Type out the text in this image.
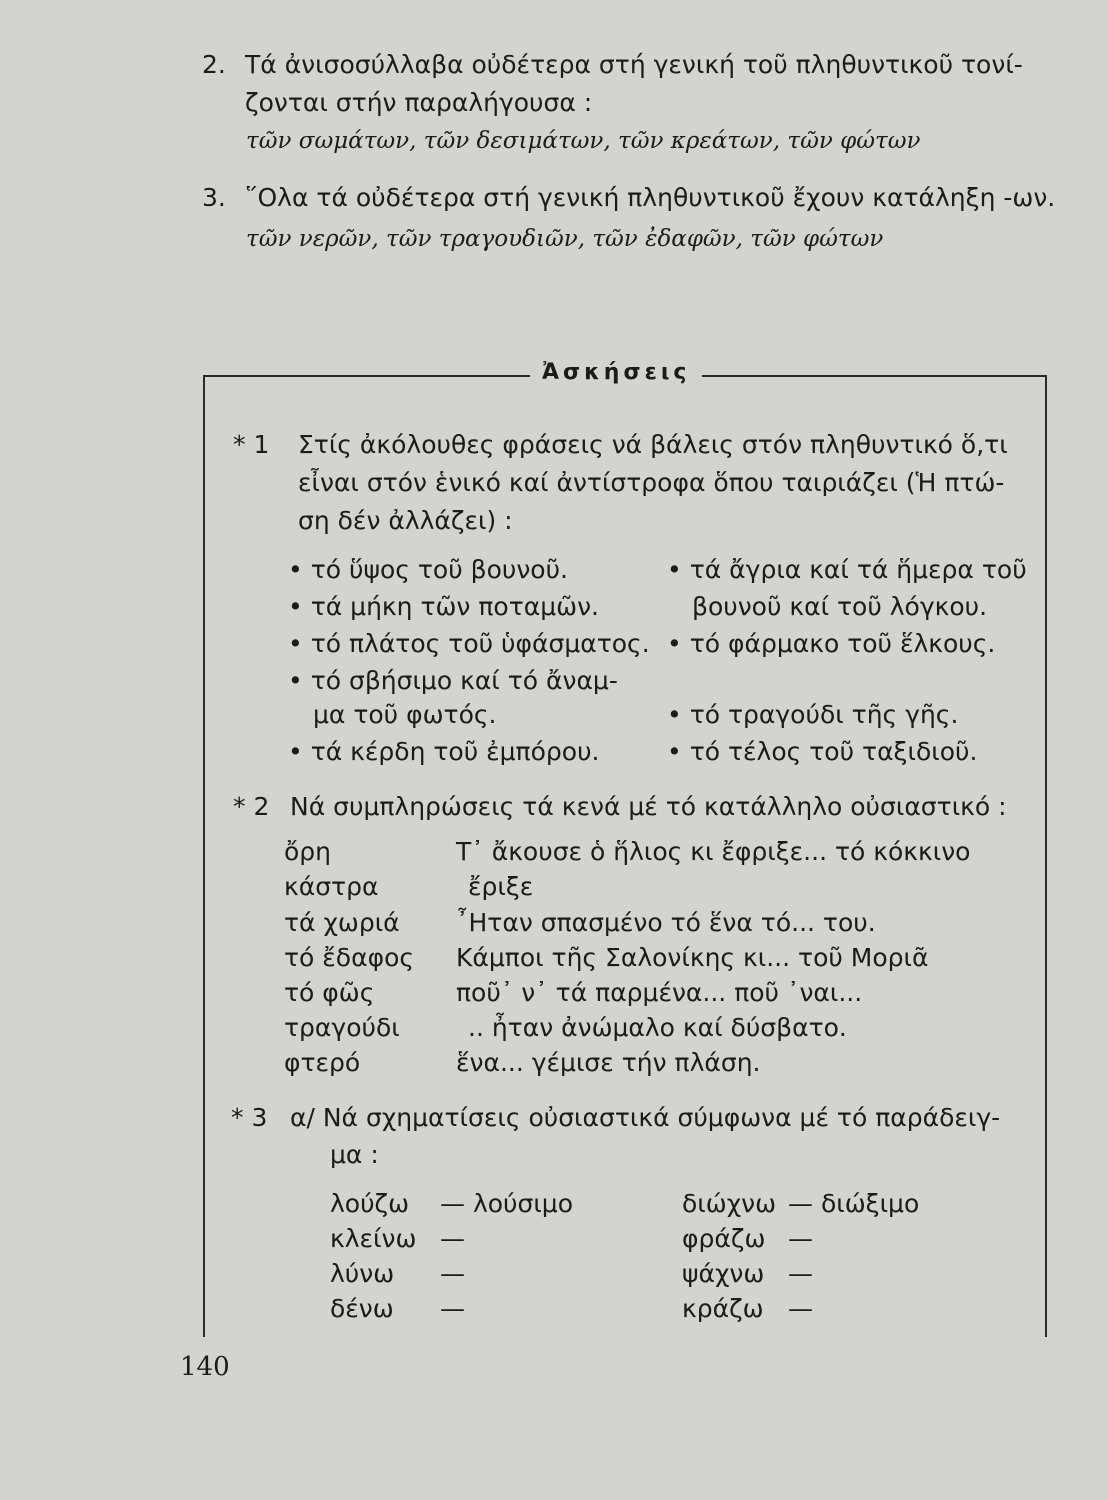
2. Τά ἀνισοσύλλαβα οὐδέτερα στή γενική τοῦ πληθυντικοῦ τονί-
ζονται στήν παραλήγουσα :
τῶν σωμάτων, τῶν δεσιμάτων, τῶν κρεάτων, τῶν φώτων
3. ῞Ολα τά οὐδέτερα στή γενική πληθυντικοῦ ἔχουν κατάληξη -ων.
τῶν νερῶν, τῶν τραγουδιῶν, τῶν ἐδαφῶν, τῶν φώτων
Ἀσκήσεις
* 1 Στίς ἀκόλουθες φράσεις νά βάλεις στόν πληθυντικό ὅ,τι
εἶναι στόν ἑνικό καί ἀντίστροφα ὅπου ταιριάζει (Ἡ πτώ-
ση δέν ἀλλάζει) :
• τό ὕψος τοῦ βουνοῦ.
• τά μήκη τῶν ποταμῶν.
• τό πλάτος τοῦ ὑφάσματος.
• τό σβήσιμο καί τό ἄναμ-
μα τοῦ φωτός.
• τά κέρδη τοῦ ἐμπόρου.
• τά ἄγρια καί τά ἥμερα τοῦ
βουνοῦ καί τοῦ λόγκου.
• τό φάρμακο τοῦ ἕλκους.
• τό τραγούδι τῆς γῆς.
• τό τέλος τοῦ ταξιδιοῦ.
* 2 Νά συμπληρώσεις τά κενά μέ τό κατάλληλο οὐσιαστικό :
ὄρη
κάστρα
τά χωριά
τό ἔδαφος
τό φῶς
τραγούδι
φτερό
Τ᾽ ἄκουσε ὁ ἥλιος κι ἔφριξε... τό κόκκινο
ἔριξε
῏Ηταν σπασμένο τό ἕνα τό... του.
Κάμποι τῆς Σαλονίκης κι... τοῦ Μοριᾶ
ποῦ᾽ ν᾽ τά παρμένα... ποῦ ᾽ναι...
.. ἦταν ἀνώμαλο καί δύσβατο.
ἕνα... γέμισε τήν πλάση.
* 3 α/ Νά σχηματίσεις οὐσιαστικά σύμφωνα μέ τό παράδειγ-
μα :
λούζω
κλείνω
λύνω
δένω
— λούσιμο
—
—
—
διώχνω
φράζω
ψάχνω
κράζω
— διώξιμο
—
—
—
140
